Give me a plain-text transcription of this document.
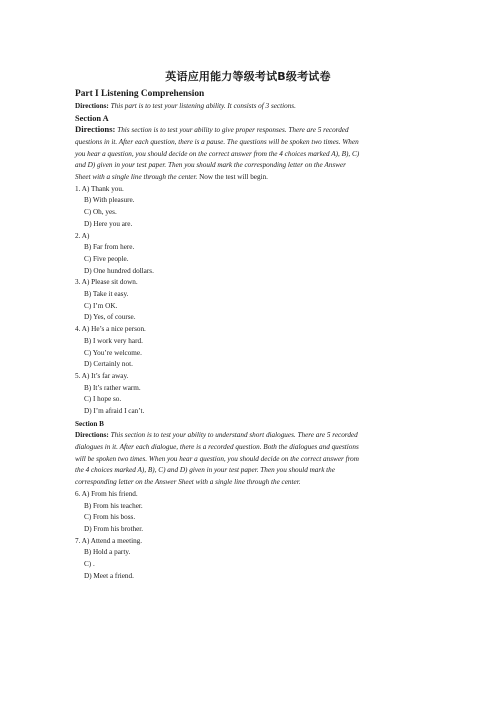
英语应用能力等级考试B级考试卷
Part I Listening Comprehension
Directions: This part is to test your listening ability. It consists of 3 sections.
Section A
Directions: This section is to test your ability to give proper responses. There are 5 recorded
questions in it. After each question, there is a pause. The questions will be spoken two times. When
you hear a question, you should decide on the correct answer from the 4 choices marked A), B), C)
and D) given in your test paper. Then you should mark the corresponding letter on the Answer
Sheet with a single line through the center. Now the test will begin.
1. A) Thank you.
B) With pleasure.
C) Oh, yes.
D) Here you are.
2. A)
B) Far from here.
C) Five people.
D) One hundred dollars.
3. A) Please sit down.
B) Take it easy.
C) I’m OK.
D) Yes, of course.
4. A) He’s a nice person.
B) I work very hard.
C) You’re welcome.
D) Certainly not.
5. A) It’s far away.
B) It’s rather warm.
C) I hope so.
D) I’m afraid I can’t.
Section B
Directions: This section is to test your ability to understand short dialogues. There are 5 recorded
dialogues in it. After each dialogue, there is a recorded question. Both the dialogues and questions
will be spoken two times. When you hear a question, you should decide on the correct answer from
the 4 choices marked A), B), C) and D) given in your test paper. Then you should mark the
corresponding letter on the Answer Sheet with a single line through the center.
6. A) From his friend.
B) From his teacher.
C) From his boss.
D) From his brother.
7. A) Attend a meeting.
B) Hold a party.
C) .
D) Meet a friend.
